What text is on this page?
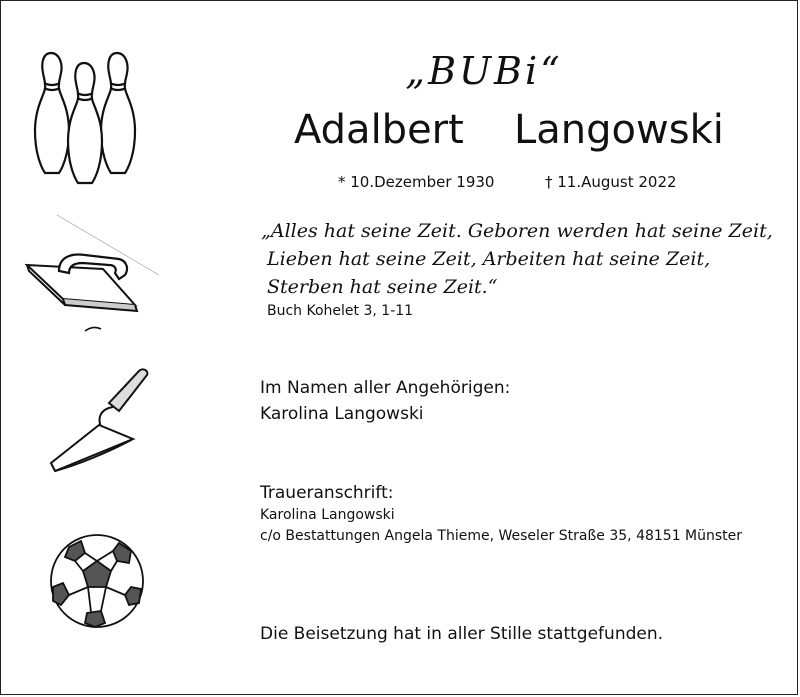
„BUBi“
Adalbert Langowski
* 10.Dezember 1930	† 11.August 2022
„Alles hat seine Zeit. Geboren werden hat seine Zeit,
Lieben hat seine Zeit, Arbeiten hat seine Zeit,
Sterben hat seine Zeit.“
Buch Kohelet 3, 1-11
Im Namen aller Angehörigen:
Karolina Langowski
Traueranschrift:
Karolina Langowski
c/o Bestattungen Angela Thieme, Weseler Straße 35, 48151 Münster
Die Beisetzung hat in aller Stille stattgefunden.
